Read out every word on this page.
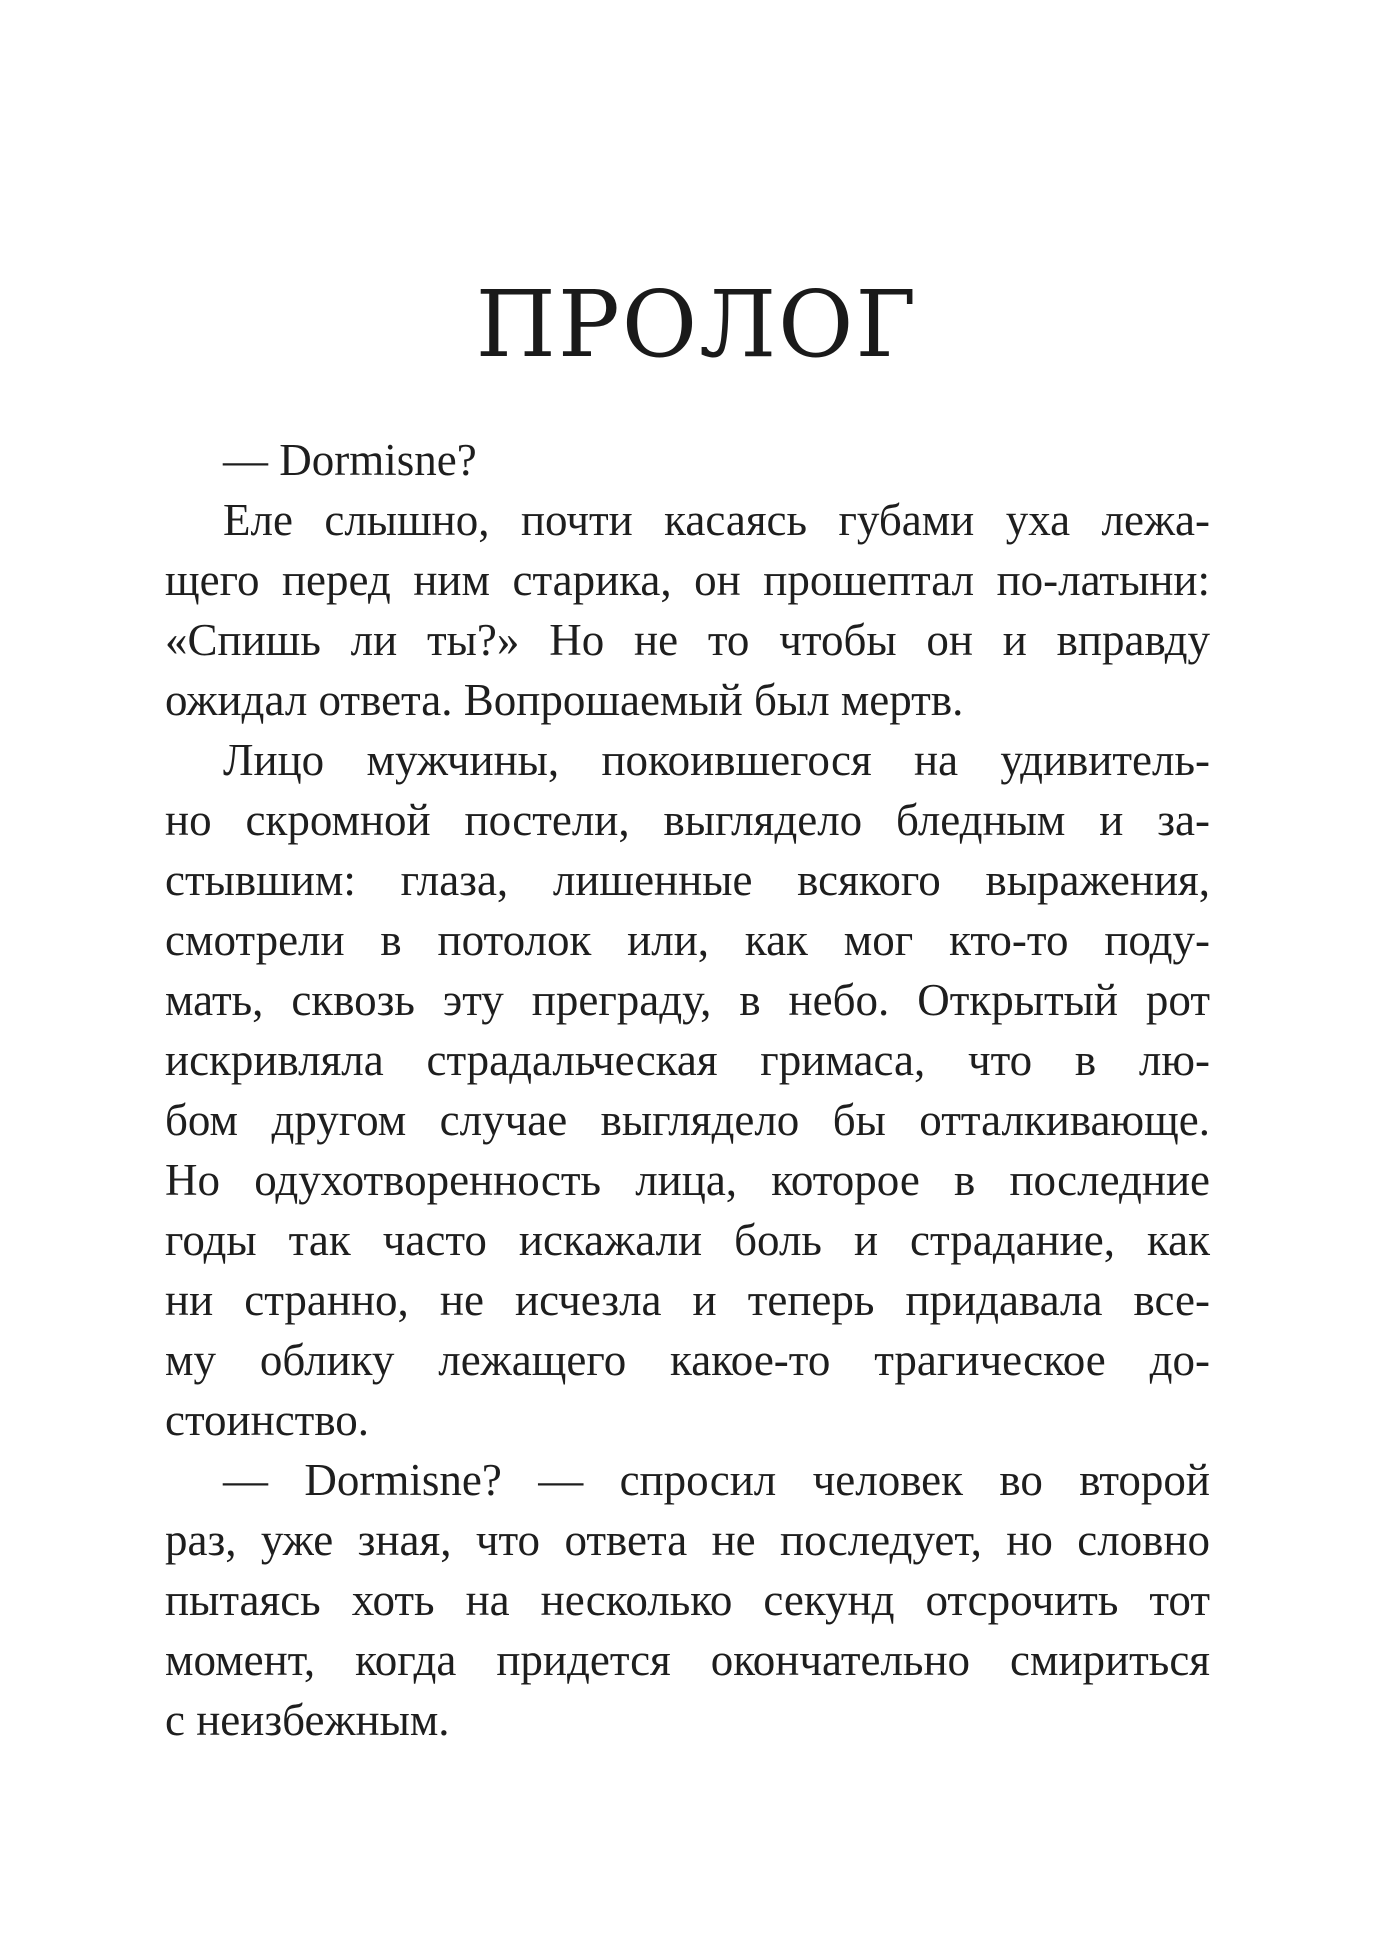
ПРОЛОГ
— Dormisne?
Еле слышно, почти касаясь губами уха лежа-
щего перед ним старика, он прошептал по-латыни:
«Спишь ли ты?» Но не то чтобы он и вправду
ожидал ответа. Вопрошаемый был мертв.
Лицо мужчины, покоившегося на удивитель-
но скромной постели, выглядело бледным и за-
стывшим: глаза, лишенные всякого выражения,
смотрели в потолок или, как мог кто-то поду-
мать, сквозь эту преграду, в небо. Открытый рот
искривляла страдальческая гримаса, что в лю-
бом другом случае выглядело бы отталкивающе.
Но одухотворенность лица, которое в последние
годы так часто искажали боль и страдание, как
ни странно, не исчезла и теперь придавала все-
му облику лежащего какое-то трагическое до-
стоинство.
— Dormisne? — спросил человек во второй
раз, уже зная, что ответа не последует, но словно
пытаясь хоть на несколько секунд отсрочить тот
момент, когда придется окончательно смириться
с неизбежным.
